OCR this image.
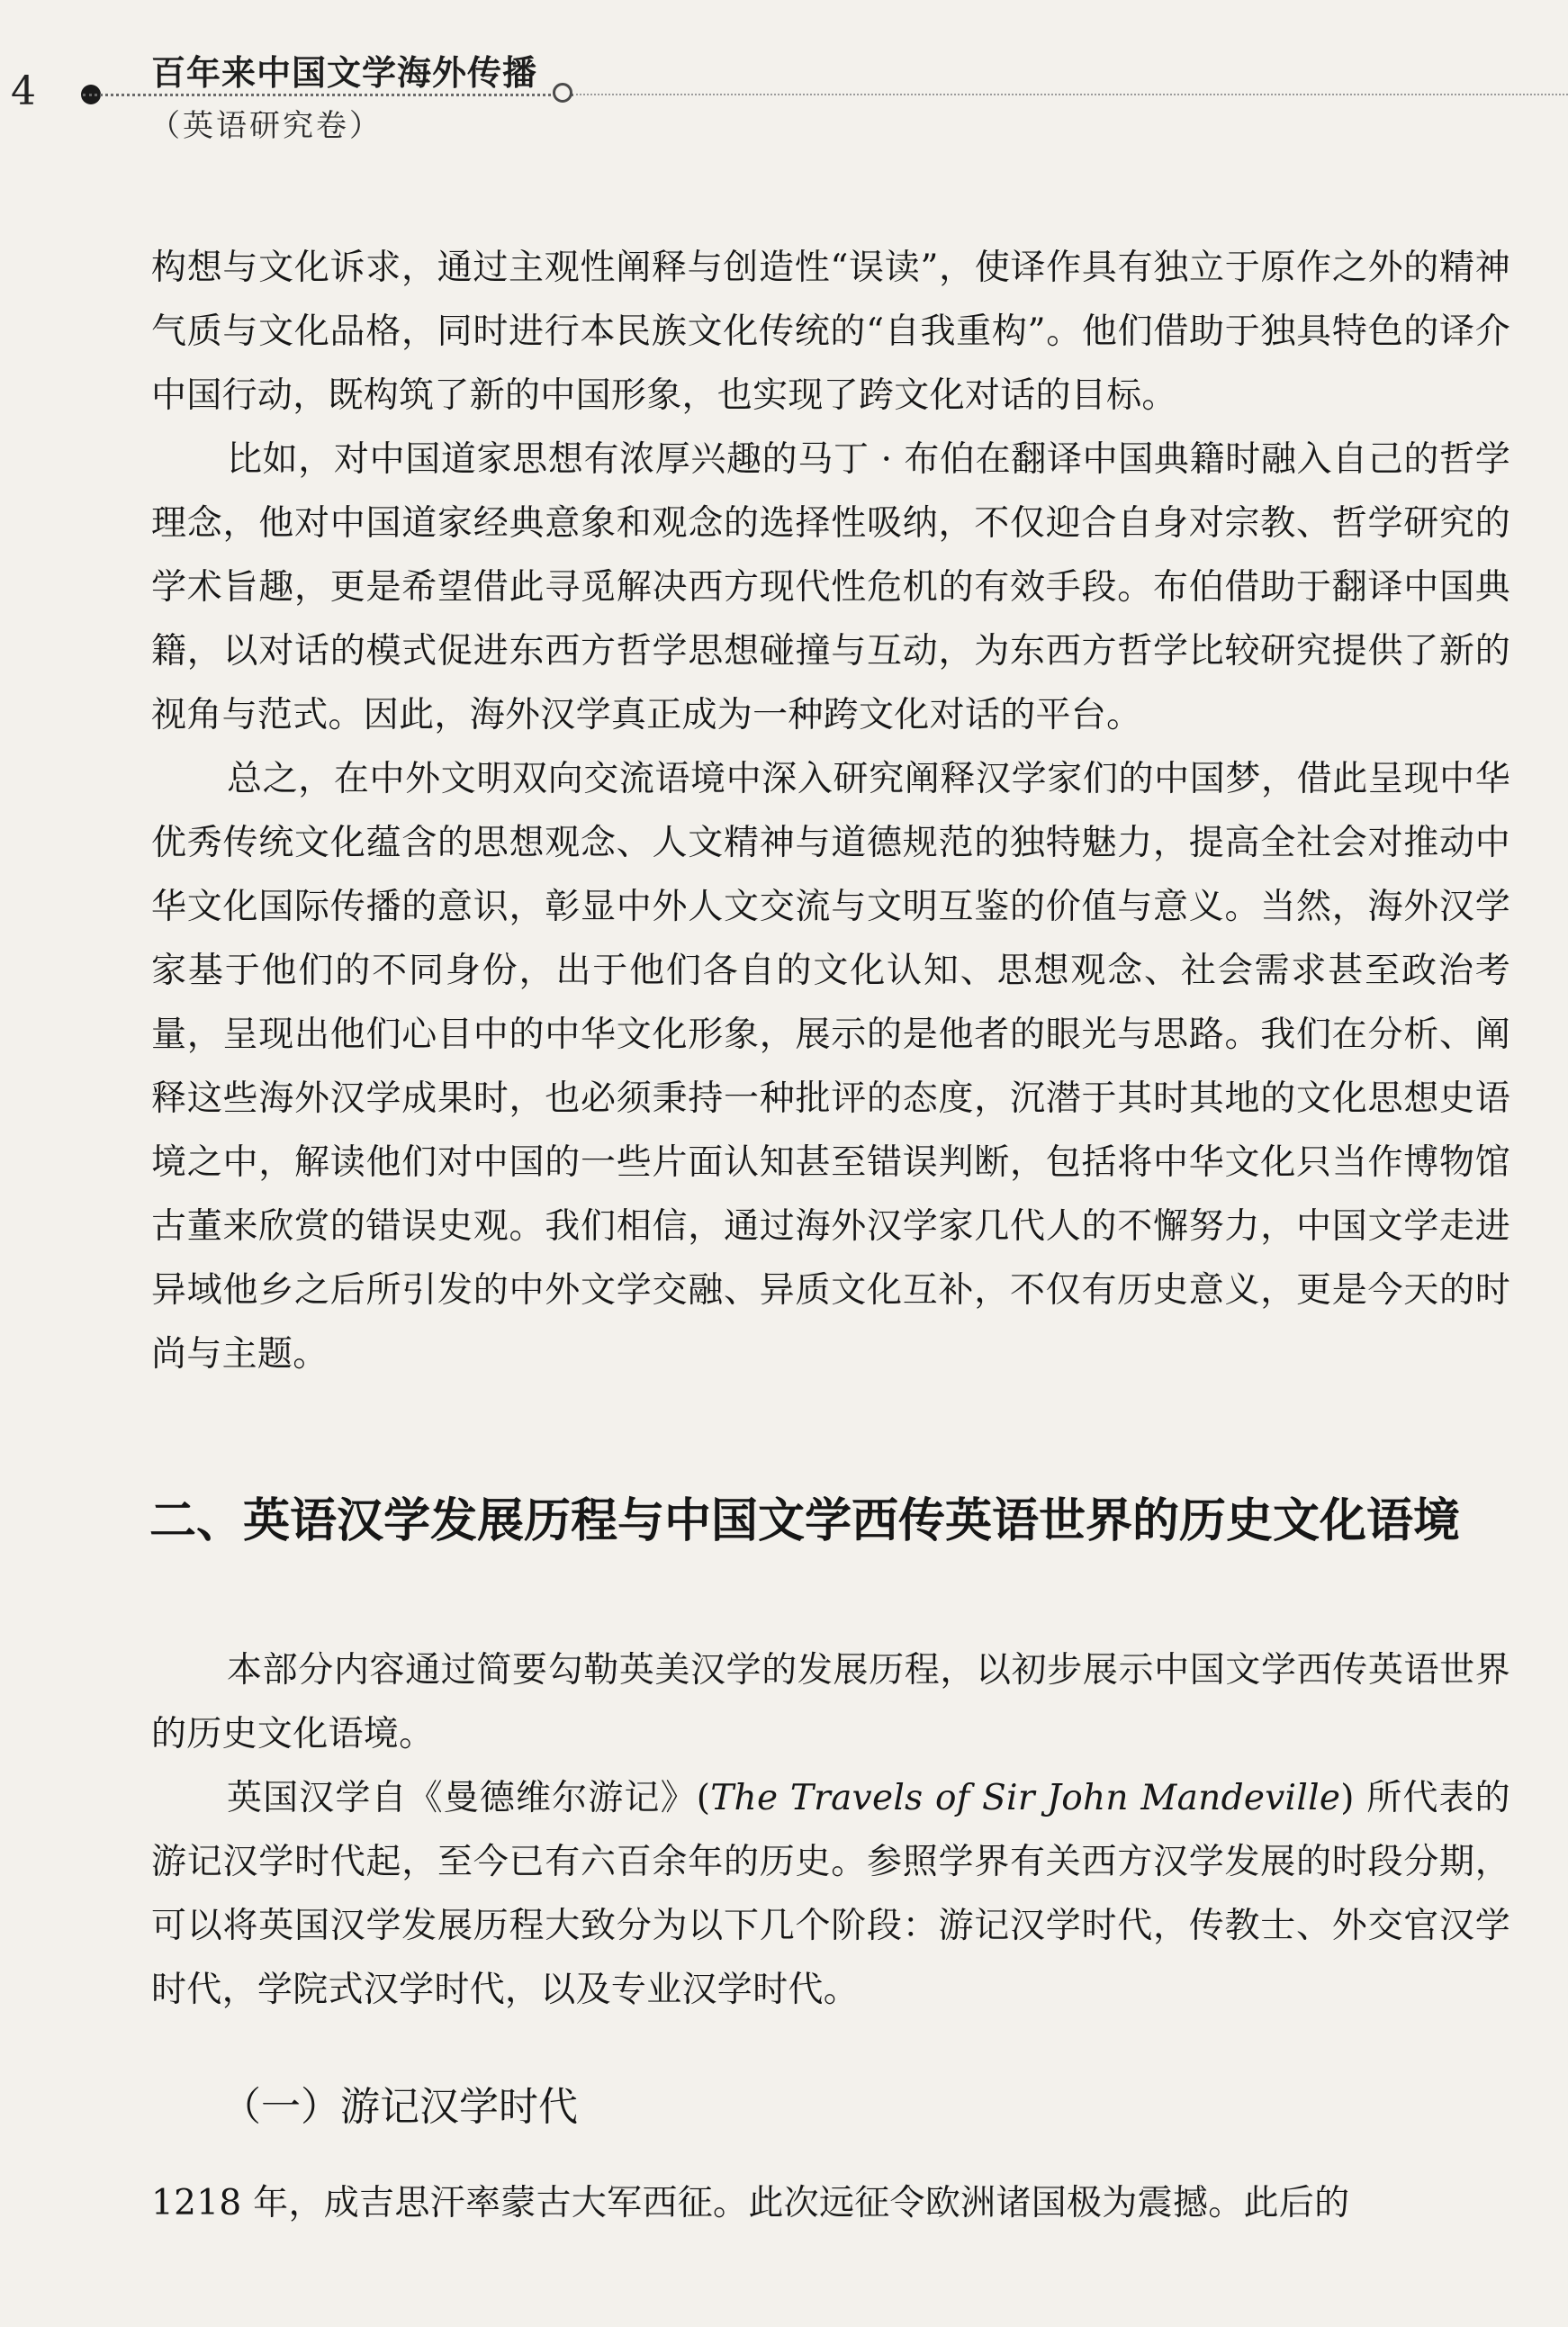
4	百年来中国文学海外传播
（英语研究卷）

构想与文化诉求，通过主观性阐释与创造性“误读”，使译作具有独立于原作之外的精神气质与文化品格，同时进行本民族文化传统的“自我重构”。他们借助于独具特色的译介中国行动，既构筑了新的中国形象，也实现了跨文化对话的目标。

比如，对中国道家思想有浓厚兴趣的马丁 · 布伯在翻译中国典籍时融入自己的哲学理念，他对中国道家经典意象和观念的选择性吸纳，不仅迎合自身对宗教、哲学研究的学术旨趣，更是希望借此寻觅解决西方现代性危机的有效手段。布伯借助于翻译中国典籍，以对话的模式促进东西方哲学思想碰撞与互动，为东西方哲学比较研究提供了新的视角与范式。因此，海外汉学真正成为一种跨文化对话的平台。

总之，在中外文明双向交流语境中深入研究阐释汉学家们的中国梦，借此呈现中华优秀传统文化蕴含的思想观念、人文精神与道德规范的独特魅力，提高全社会对推动中华文化国际传播的意识，彰显中外人文交流与文明互鉴的价值与意义。当然，海外汉学家基于他们的不同身份，出于他们各自的文化认知、思想观念、社会需求甚至政治考量，呈现出他们心目中的中华文化形象，展示的是他者的眼光与思路。我们在分析、阐释这些海外汉学成果时，也必须秉持一种批评的态度，沉潜于其时其地的文化思想史语境之中，解读他们对中国的一些片面认知甚至错误判断，包括将中华文化只当作博物馆古董来欣赏的错误史观。我们相信，通过海外汉学家几代人的不懈努力，中国文学走进异域他乡之后所引发的中外文学交融、异质文化互补，不仅有历史意义，更是今天的时尚与主题。

二、英语汉学发展历程与中国文学西传英语世界的历史文化语境

本部分内容通过简要勾勒英美汉学的发展历程，以初步展示中国文学西传英语世界的历史文化语境。

英国汉学自《曼德维尔游记》(The Travels of Sir John Mandeville) 所代表的游记汉学时代起，至今已有六百余年的历史。参照学界有关西方汉学发展的时段分期，可以将英国汉学发展历程大致分为以下几个阶段：游记汉学时代，传教士、外交官汉学时代，学院式汉学时代，以及专业汉学时代。

（一）游记汉学时代

1218 年，成吉思汗率蒙古大军西征。此次远征令欧洲诸国极为震撼。此后的
